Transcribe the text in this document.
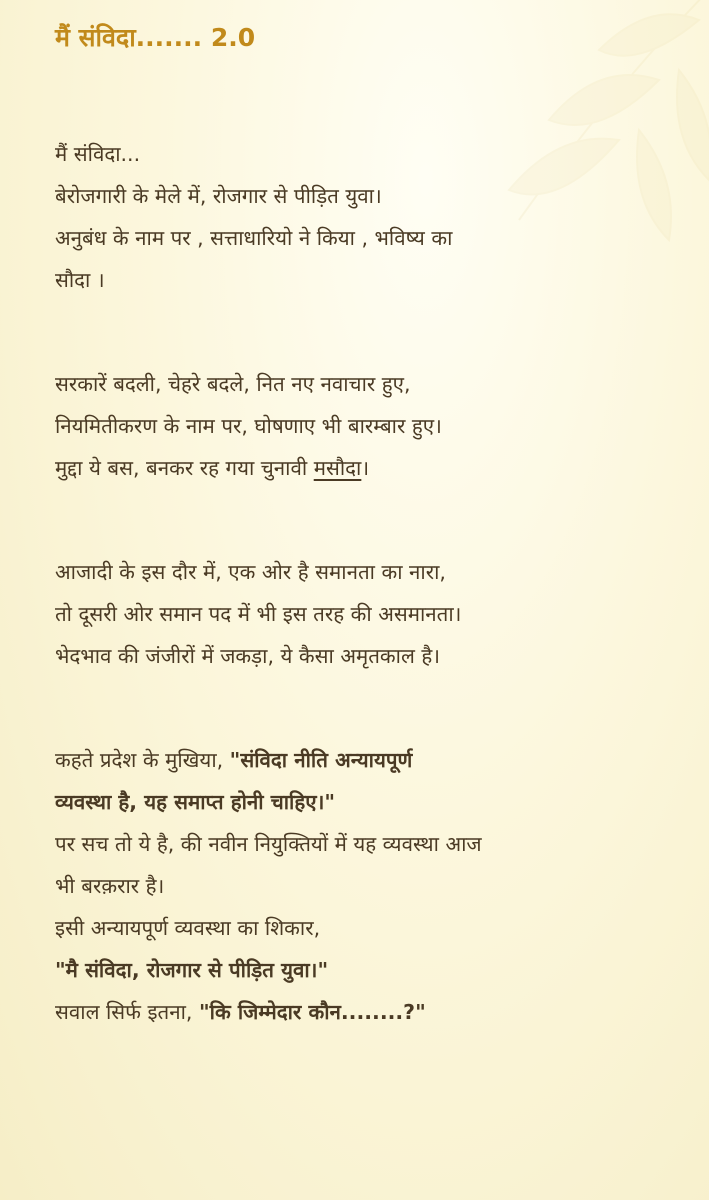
मैं संविदा....... 2.0
मैं संविदा...
बेरोजगारी के मेले में, रोजगार से पीड़ित युवा।
अनुबंध के नाम पर , सत्ताधारियो ने किया , भविष्य का
सौदा ।
सरकारें बदली, चेहरे बदले, नित नए नवाचार हुए,
नियमितीकरण के नाम पर, घोषणाए भी बारम्बार हुए।
मुद्दा ये बस, बनकर रह गया चुनावी मसौदा।
आजादी के इस दौर में, एक ओर है समानता का नारा,
तो दूसरी ओर समान पद में भी इस तरह की असमानता।
भेदभाव की जंजीरों में जकड़ा, ये कैसा अमृतकाल है।
कहते प्रदेश के मुखिया, "संविदा नीति अन्यायपूर्ण
व्यवस्था है, यह समाप्त होनी चाहिए।"
पर सच तो ये है, की नवीन नियुक्तियों में यह व्यवस्था आज
भी बरक़रार है।
इसी अन्यायपूर्ण व्यवस्था का शिकार,
"मै संविदा, रोजगार से पीड़ित युवा।"
सवाल सिर्फ इतना, "कि जिम्मेदार कौन........?"
